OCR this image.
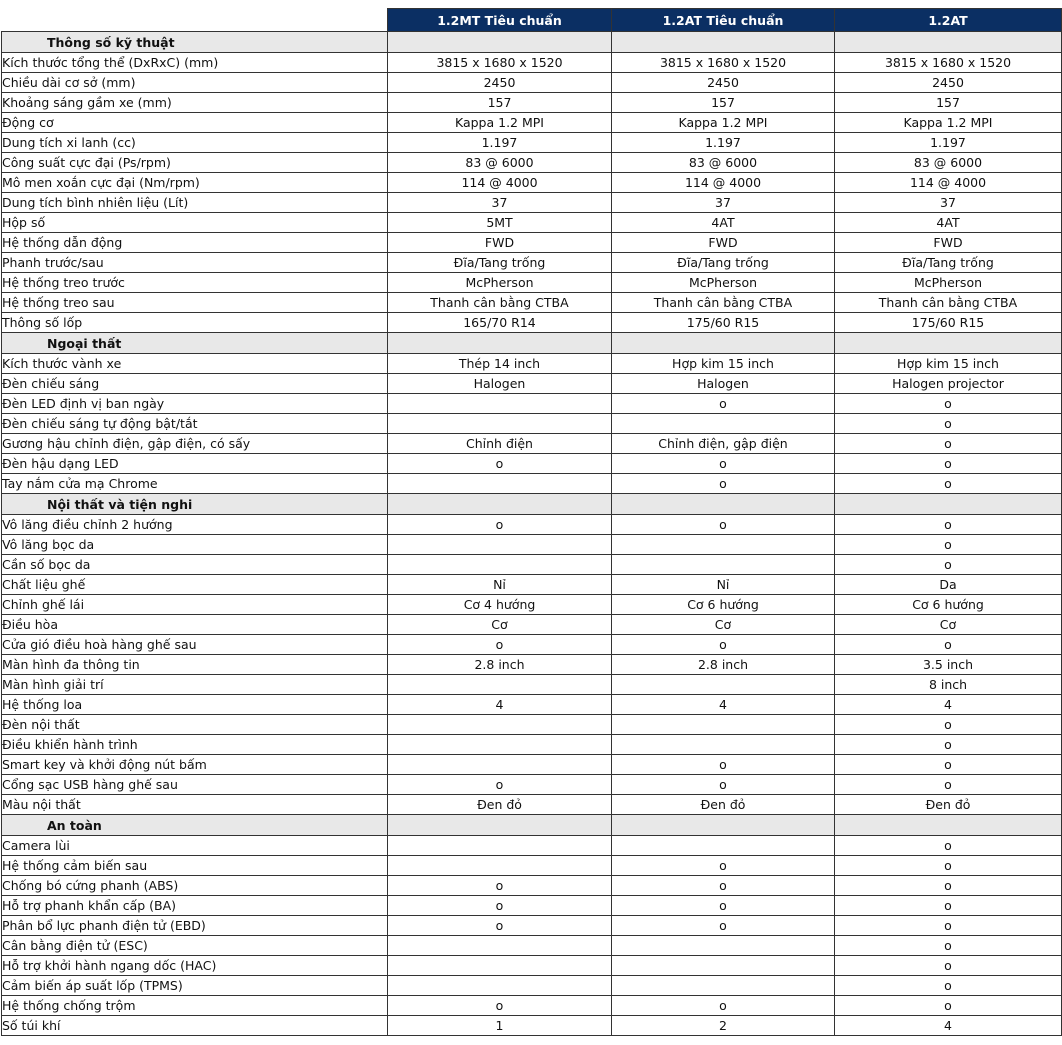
	1.2MT Tiêu chuẩn	1.2AT Tiêu chuẩn	1.2AT
Thông số kỹ thuật			
Kích thước tổng thể (DxRxC) (mm)	3815 x 1680 x 1520	3815 x 1680 x 1520	3815 x 1680 x 1520
Chiều dài cơ sở (mm)	2450	2450	2450
Khoảng sáng gầm xe (mm)	157	157	157
Động cơ	Kappa 1.2 MPI	Kappa 1.2 MPI	Kappa 1.2 MPI
Dung tích xi lanh (cc)	1.197	1.197	1.197
Công suất cực đại (Ps/rpm)	83 @ 6000	83 @ 6000	83 @ 6000
Mô men xoắn cực đại (Nm/rpm)	114 @ 4000	114 @ 4000	114 @ 4000
Dung tích bình nhiên liệu (Lít)	37	37	37
Hộp số	5MT	4AT	4AT
Hệ thống dẫn động	FWD	FWD	FWD
Phanh trước/sau	Đĩa/Tang trống	Đĩa/Tang trống	Đĩa/Tang trống
Hệ thống treo trước	McPherson	McPherson	McPherson
Hệ thống treo sau	Thanh cân bằng CTBA	Thanh cân bằng CTBA	Thanh cân bằng CTBA
Thông số lốp	165/70 R14	175/60 R15	175/60 R15
Ngoại thất			
Kích thước vành xe	Thép 14 inch	Hợp kim 15 inch	Hợp kim 15 inch
Đèn chiếu sáng	Halogen	Halogen	Halogen projector
Đèn LED định vị ban ngày		o	o
Đèn chiếu sáng tự động bật/tắt			o
Gương hậu chỉnh điện, gập điện, có sấy	Chỉnh điện	Chỉnh điện, gập điện	o
Đèn hậu dạng LED	o	o	o
Tay nắm cửa mạ Chrome		o	o
Nội thất và tiện nghi			
Vô lăng điều chỉnh 2 hướng	o	o	o
Vô lăng bọc da			o
Cần số bọc da			o
Chất liệu ghế	Nỉ	Nỉ	Da
Chỉnh ghế lái	Cơ 4 hướng	Cơ 6 hướng	Cơ 6 hướng
Điều hòa	Cơ	Cơ	Cơ
Cửa gió điều hoà hàng ghế sau	o	o	o
Màn hình đa thông tin	2.8 inch	2.8 inch	3.5 inch
Màn hình giải trí			8 inch
Hệ thống loa	4	4	4
Đèn nội thất			o
Điều khiển hành trình			o
Smart key và khởi động nút bấm		o	o
Cổng sạc USB hàng ghế sau	o	o	o
Màu nội thất	Đen đỏ	Đen đỏ	Đen đỏ
An toàn			
Camera lùi			o
Hệ thống cảm biến sau		o	o
Chống bó cứng phanh (ABS)	o	o	o
Hỗ trợ phanh khẩn cấp (BA)	o	o	o
Phân bổ lực phanh điện tử (EBD)	o	o	o
Cân bằng điện tử (ESC)			o
Hỗ trợ khởi hành ngang dốc (HAC)			o
Cảm biến áp suất lốp (TPMS)			o
Hệ thống chống trộm	o	o	o
Số túi khí	1	2	4
